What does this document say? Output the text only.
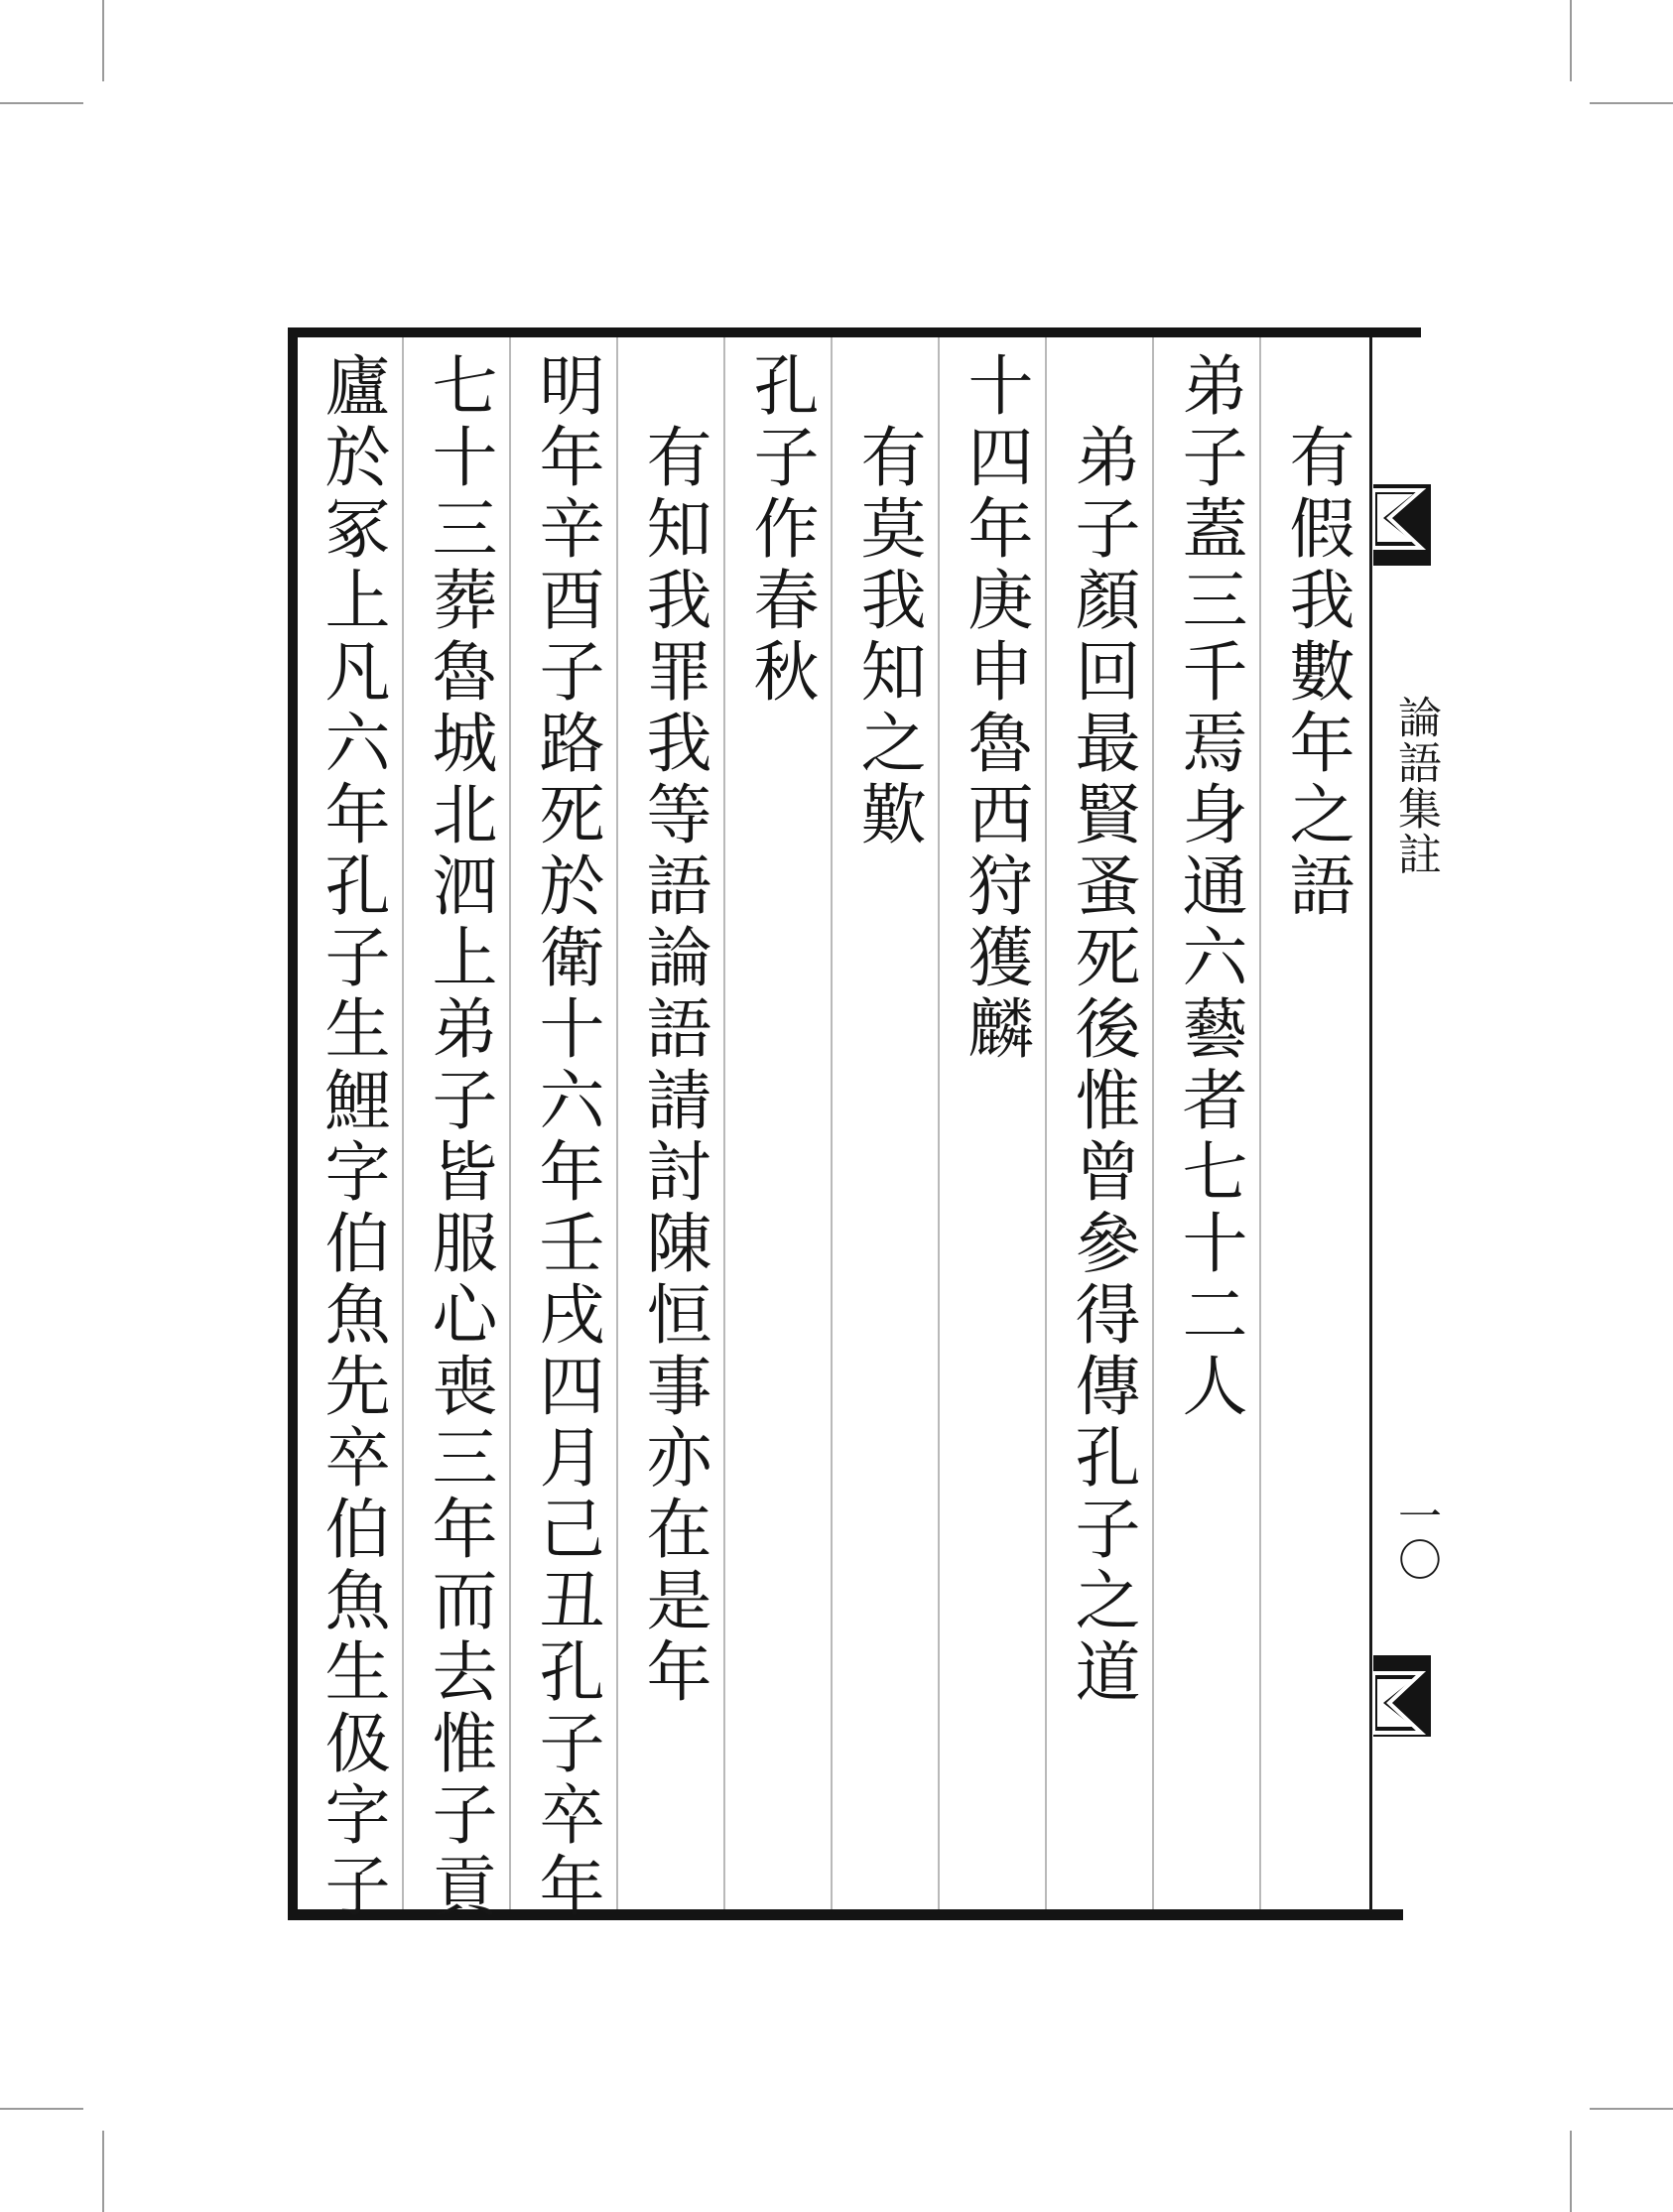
有假我數年之語
弟子蓋三千焉身通六藝者七十二人
弟子顏回最賢蚤死後惟曾參得傳孔子之道
十四年庚申魯西狩獲麟
有莫我知之歎
孔子作春秋
有知我罪我等語論語請討陳恒事亦在是年
明年辛酉子路死於衛十六年壬戌四月己丑孔子卒年
七十三葬魯城北泗上弟子皆服心喪三年而去惟子貢
廬於冢上凡六年孔子生鯉字伯魚先卒伯魚生伋字子	論語集註
一〇
